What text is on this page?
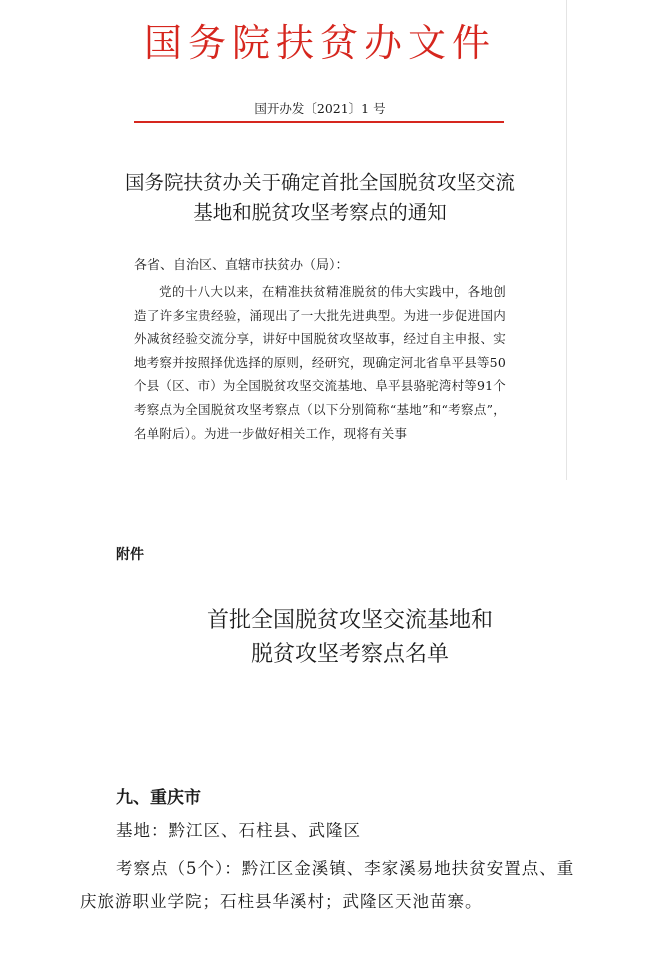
国务院扶贫办文件
国开办发〔2021〕1 号
国务院扶贫办关于确定首批全国脱贫攻坚交流
基地和脱贫攻坚考察点的通知
各省、自治区、直辖市扶贫办（局）：
党的十八大以来，在精准扶贫精准脱贫的伟大实践中，各地创造了许多宝贵经验，涌现出了一大批先进典型。为进一步促进国内外减贫经验交流分享，讲好中国脱贫攻坚故事，经过自主申报、实地考察并按照择优选择的原则，经研究，现确定河北省阜平县等50个县（区、市）为全国脱贫攻坚交流基地、阜平县骆驼湾村等91个考察点为全国脱贫攻坚考察点（以下分别简称“基地”和“考察点”，名单附后）。为进一步做好相关工作，现将有关事
附件
首批全国脱贫攻坚交流基地和
脱贫攻坚考察点名单
九、重庆市
基地：黔江区、石柱县、武隆区
考察点（5个）：黔江区金溪镇、李家溪易地扶贫安置点、重庆旅游职业学院；石柱县华溪村；武隆区天池苗寨。
